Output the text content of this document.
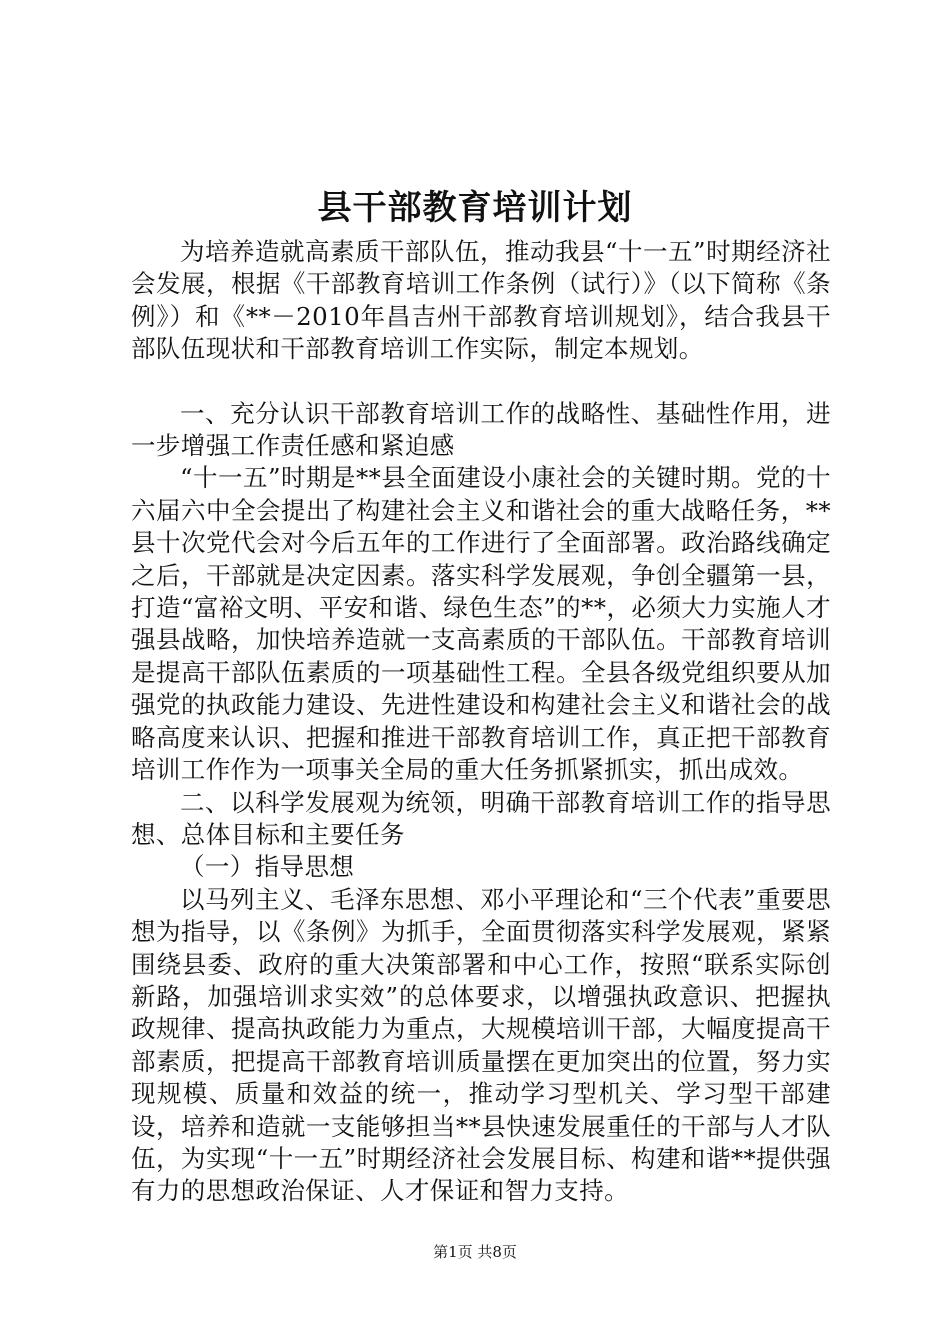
县干部教育培训计划

为培养造就高素质干部队伍，推动我县“十一五”时期经济社会发展，根据《干部教育培训工作条例（试行）》（以下简称《条例》）和《**－2010年昌吉州干部教育培训规划》，结合我县干部队伍现状和干部教育培训工作实际，制定本规划。

一、充分认识干部教育培训工作的战略性、基础性作用，进一步增强工作责任感和紧迫感

“十一五”时期是**县全面建设小康社会的关键时期。党的十六届六中全会提出了构建社会主义和谐社会的重大战略任务，**县十次党代会对今后五年的工作进行了全面部署。政治路线确定之后，干部就是决定因素。落实科学发展观，争创全疆第一县，打造“富裕文明、平安和谐、绿色生态”的**，必须大力实施人才强县战略，加快培养造就一支高素质的干部队伍。干部教育培训是提高干部队伍素质的一项基础性工程。全县各级党组织要从加强党的执政能力建设、先进性建设和构建社会主义和谐社会的战略高度来认识、把握和推进干部教育培训工作，真正把干部教育培训工作作为一项事关全局的重大任务抓紧抓实，抓出成效。

二、以科学发展观为统领，明确干部教育培训工作的指导思想、总体目标和主要任务

（一）指导思想

以马列主义、毛泽东思想、邓小平理论和“三个代表”重要思想为指导，以《条例》为抓手，全面贯彻落实科学发展观，紧紧围绕县委、政府的重大决策部署和中心工作，按照“联系实际创新路，加强培训求实效”的总体要求，以增强执政意识、把握执政规律、提高执政能力为重点，大规模培训干部，大幅度提高干部素质，把提高干部教育培训质量摆在更加突出的位置，努力实现规模、质量和效益的统一，推动学习型机关、学习型干部建设，培养和造就一支能够担当**县快速发展重任的干部与人才队伍，为实现“十一五”时期经济社会发展目标、构建和谐**提供强有力的思想政治保证、人才保证和智力支持。

第1页 共8页
